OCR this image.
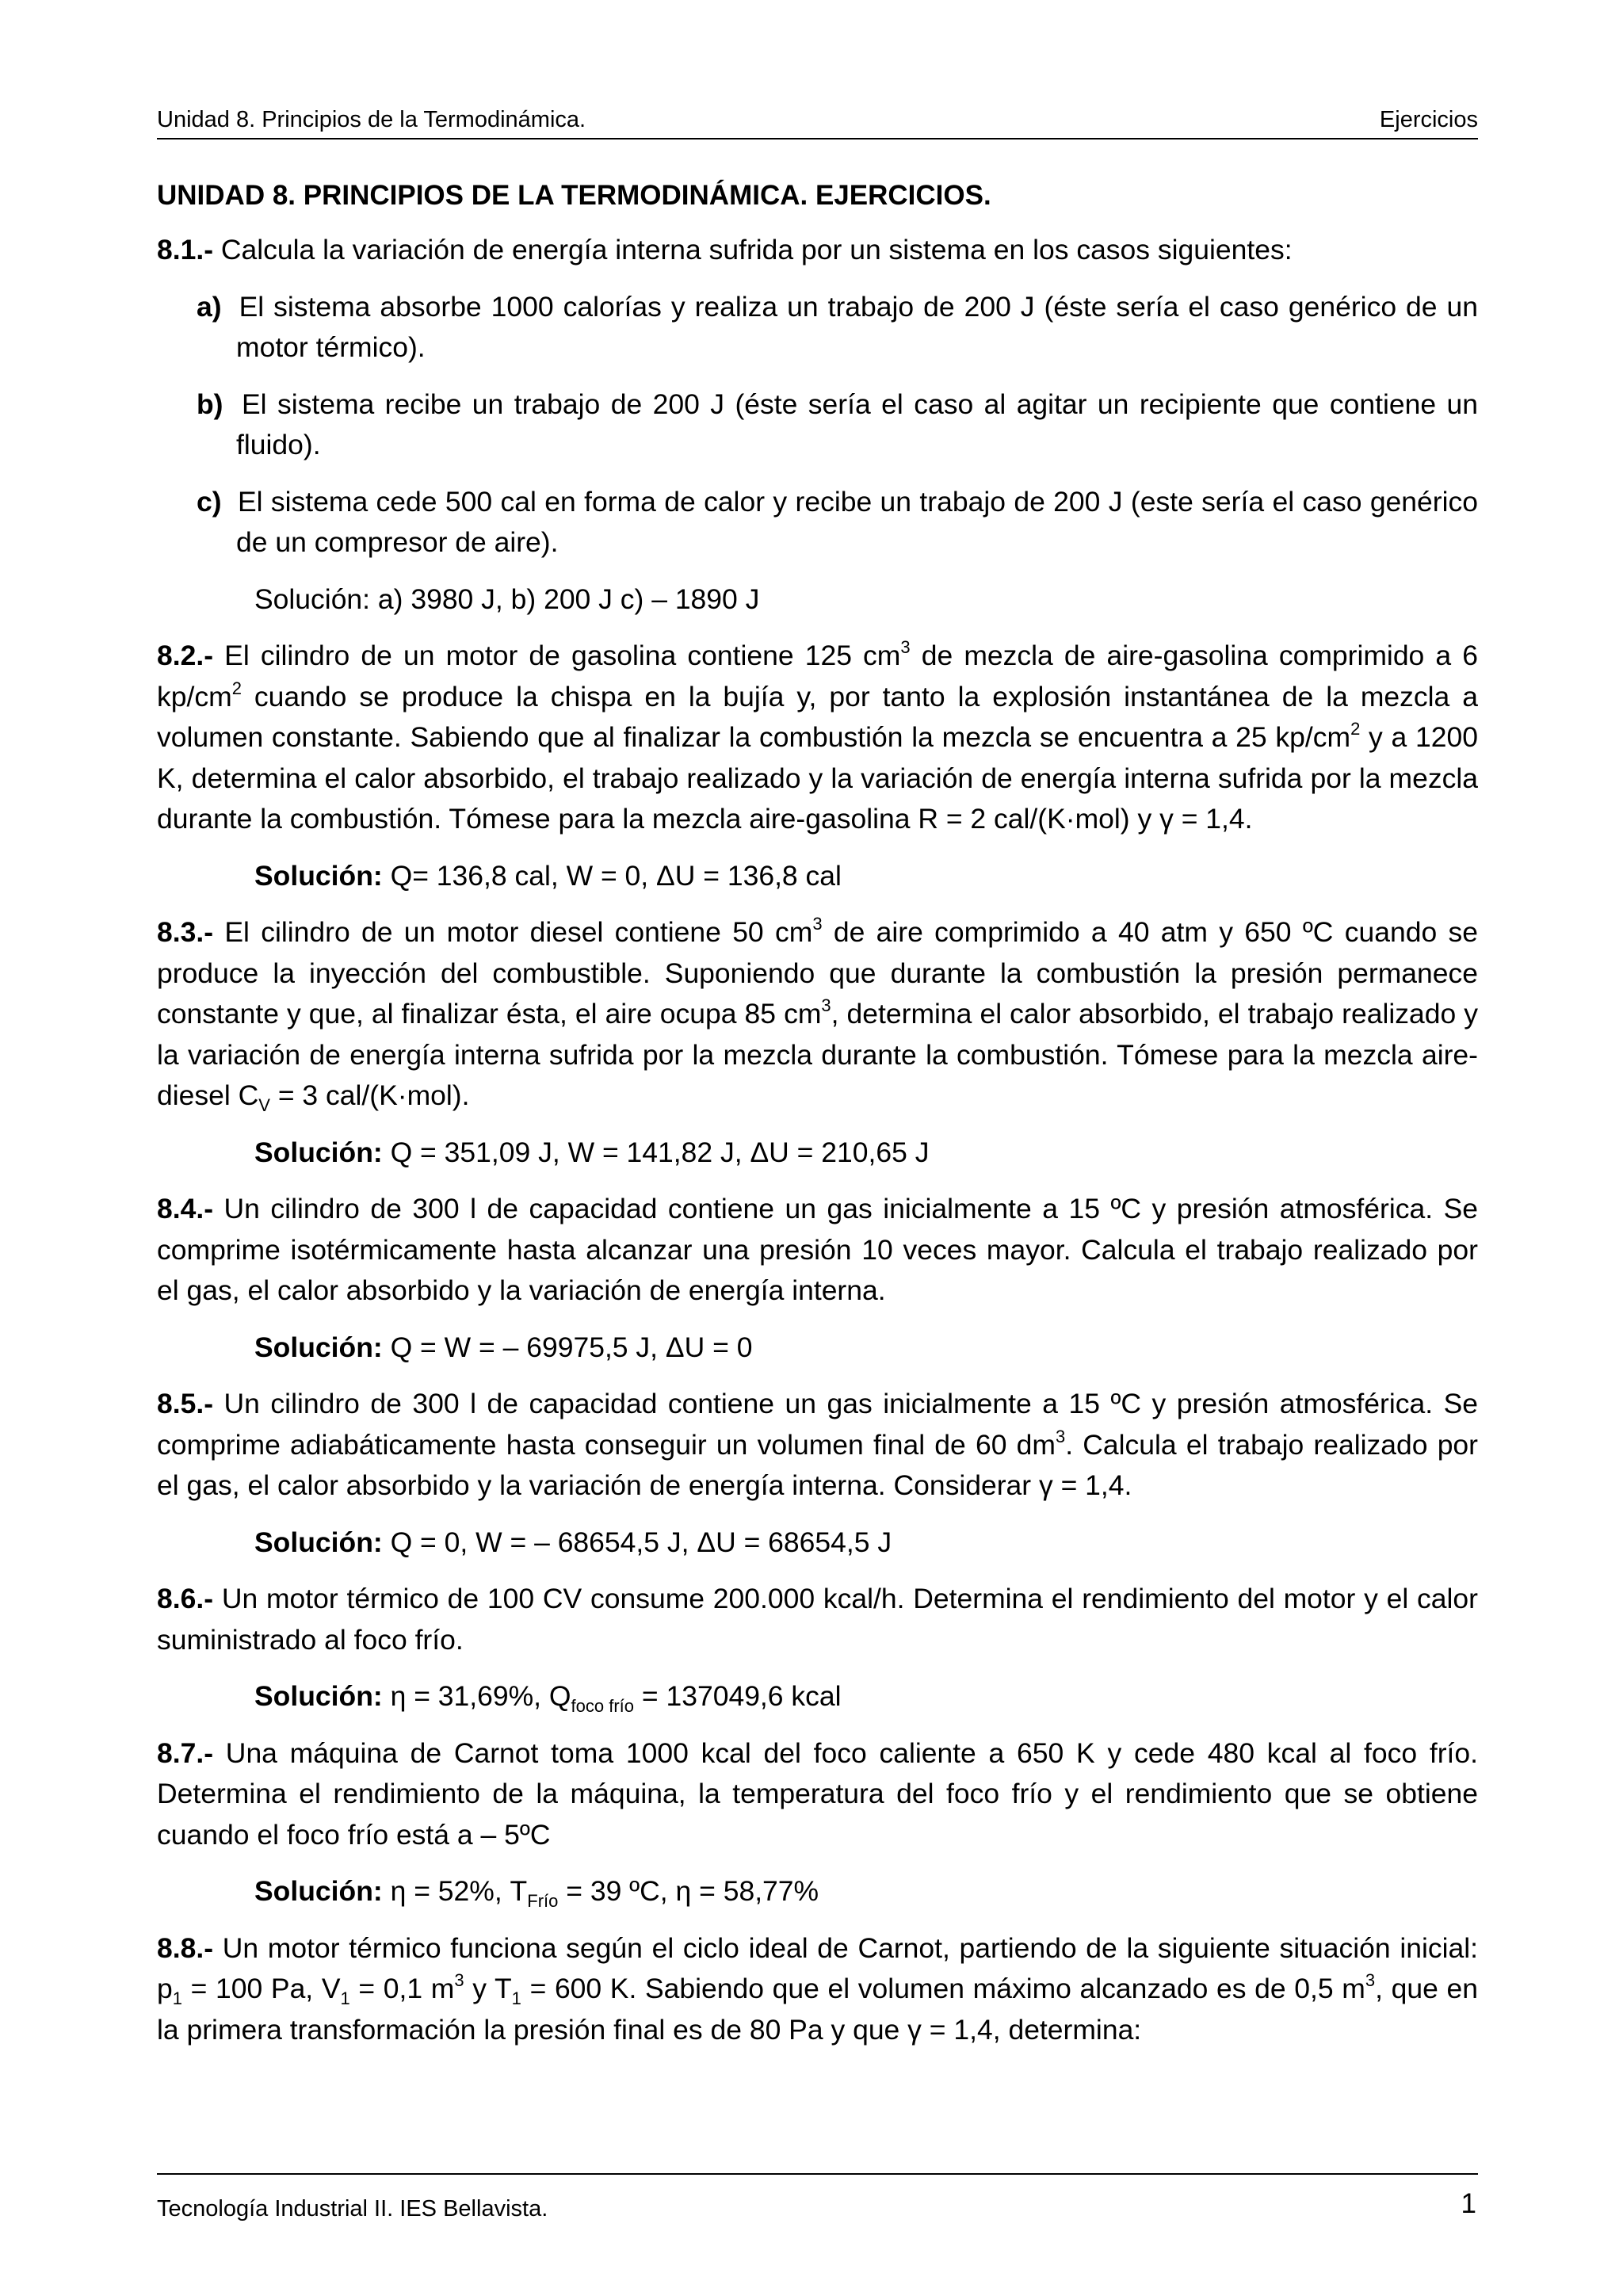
Unidad 8. Principios de la Termodinámica.	Ejercicios

UNIDAD 8. PRINCIPIOS DE LA TERMODINÁMICA. EJERCICIOS.

8.1.- Calcula la variación de energía interna sufrida por un sistema en los casos siguientes:

a) El sistema absorbe 1000 calorías y realiza un trabajo de 200 J (éste sería el caso genérico de un motor térmico).

b) El sistema recibe un trabajo de 200 J (éste sería el caso al agitar un recipiente que contiene un fluido).

c) El sistema cede 500 cal en forma de calor y recibe un trabajo de 200 J (este sería el caso genérico de un compresor de aire).

Solución: a) 3980 J, b) 200 J c) – 1890 J

8.2.- El cilindro de un motor de gasolina contiene 125 $cm^3$ de mezcla de aire-gasolina comprimido a 6 $kp/cm^2$ cuando se produce la chispa en la bujía y, por tanto la explosión instantánea de la mezcla a volumen constante. Sabiendo que al finalizar la combustión la mezcla se encuentra a 25 $kp/cm^2$ y a 1200 K, determina el calor absorbido, el trabajo realizado y la variación de energía interna sufrida por la mezcla durante la combustión. Tómese para la mezcla aire-gasolina R = 2 cal/(K·mol) y γ = 1,4.

Solución: Q= 136,8 cal, W = 0, ΔU = 136,8 cal

8.3.- El cilindro de un motor diesel contiene 50 $cm^3$ de aire comprimido a 40 atm y 650 ºC cuando se produce la inyección del combustible. Suponiendo que durante la combustión la presión permanece constante y que, al finalizar ésta, el aire ocupa 85 $cm^3$, determina el calor absorbido, el trabajo realizado y la variación de energía interna sufrida por la mezcla durante la combustión. Tómese para la mezcla aire-diesel $C_V = 3$ cal/(K·mol).

Solución: Q = 351,09 J, W = 141,82 J, ΔU = 210,65 J

8.4.- Un cilindro de 300 l de capacidad contiene un gas inicialmente a 15 ºC y presión atmosférica. Se comprime isotérmicamente hasta alcanzar una presión 10 veces mayor. Calcula el trabajo realizado por el gas, el calor absorbido y la variación de energía interna.

Solución: Q = W = – 69975,5 J, ΔU = 0

8.5.- Un cilindro de 300 l de capacidad contiene un gas inicialmente a 15 ºC y presión atmosférica. Se comprime adiabáticamente hasta conseguir un volumen final de 60 $dm^3$. Calcula el trabajo realizado por el gas, el calor absorbido y la variación de energía interna. Considerar γ = 1,4.

Solución: Q = 0, W = – 68654,5 J, ΔU = 68654,5 J

8.6.- Un motor térmico de 100 CV consume 200.000 kcal/h. Determina el rendimiento del motor y el calor suministrado al foco frío.

Solución: η = 31,69%, $Q_{foco frío} = 137049,6$ kcal

8.7.- Una máquina de Carnot toma 1000 kcal del foco caliente a 650 K y cede 480 kcal al foco frío. Determina el rendimiento de la máquina, la temperatura del foco frío y el rendimiento que se obtiene cuando el foco frío está a – 5ºC

Solución: η = 52%, $T_{Frío} = 39$ ºC, η = 58,77%

8.8.- Un motor térmico funciona según el ciclo ideal de Carnot, partiendo de la siguiente situación inicial: $p_1 = 100$ Pa, $V_1 = 0,1$ $m^3$ y $T_1 = 600$ K. Sabiendo que el volumen máximo alcanzado es de 0,5 $m^3$, que en la primera transformación la presión final es de 80 Pa y que γ = 1,4, determina:

Tecnología Industrial II. IES Bellavista.	1
